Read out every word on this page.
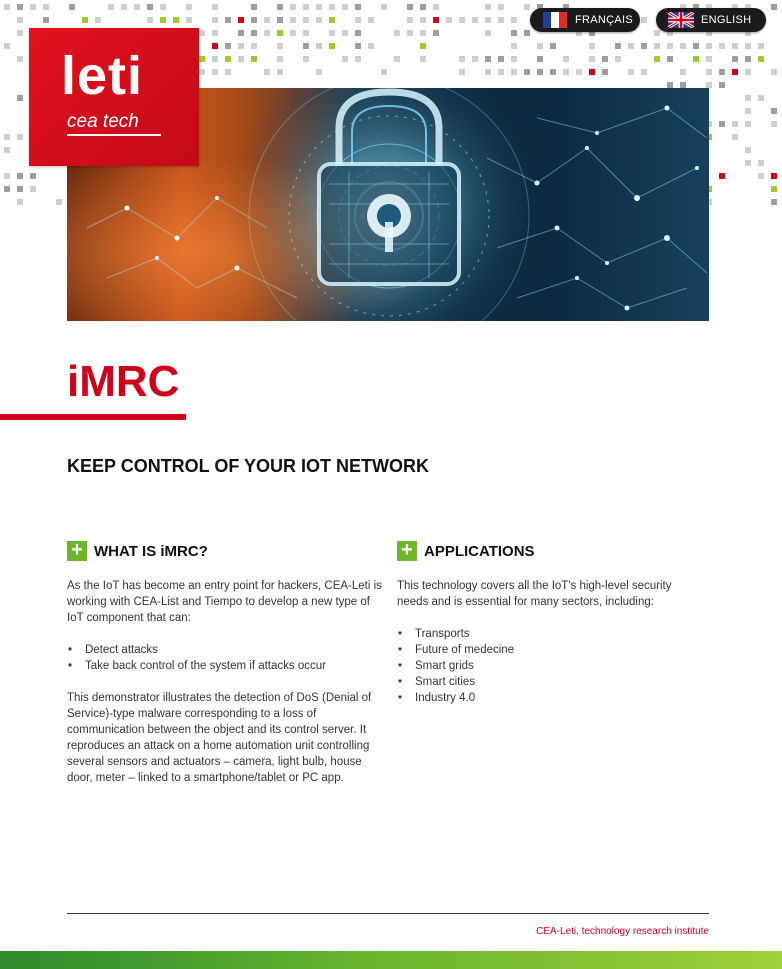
leti
cea tech
FRANÇAIS	ENGLISH
iMRC
KEEP CONTROL OF YOUR IOT NETWORK
+ WHAT IS iMRC?	+ APPLICATIONS

As the IoT has become an entry point for hackers, CEA-Leti is working with CEA-List and Tiempo to develop a new type of IoT component that can:

• Detect attacks
• Take back control of the system if attacks occur

This demonstrator illustrates the detection of DoS (Denial of Service)-type malware corresponding to a loss of communication between the object and its control server. It reproduces an attack on a home automation unit controlling several sensors and actuators – camera, light bulb, house door, meter – linked to a smartphone/tablet or PC app.

This technology covers all the IoT's high-level security needs and is essential for many sectors, including:

• Transports
• Future of medecine
• Smart grids
• Smart cities
• Industry 4.0
CEA-Leti, technology research institute
